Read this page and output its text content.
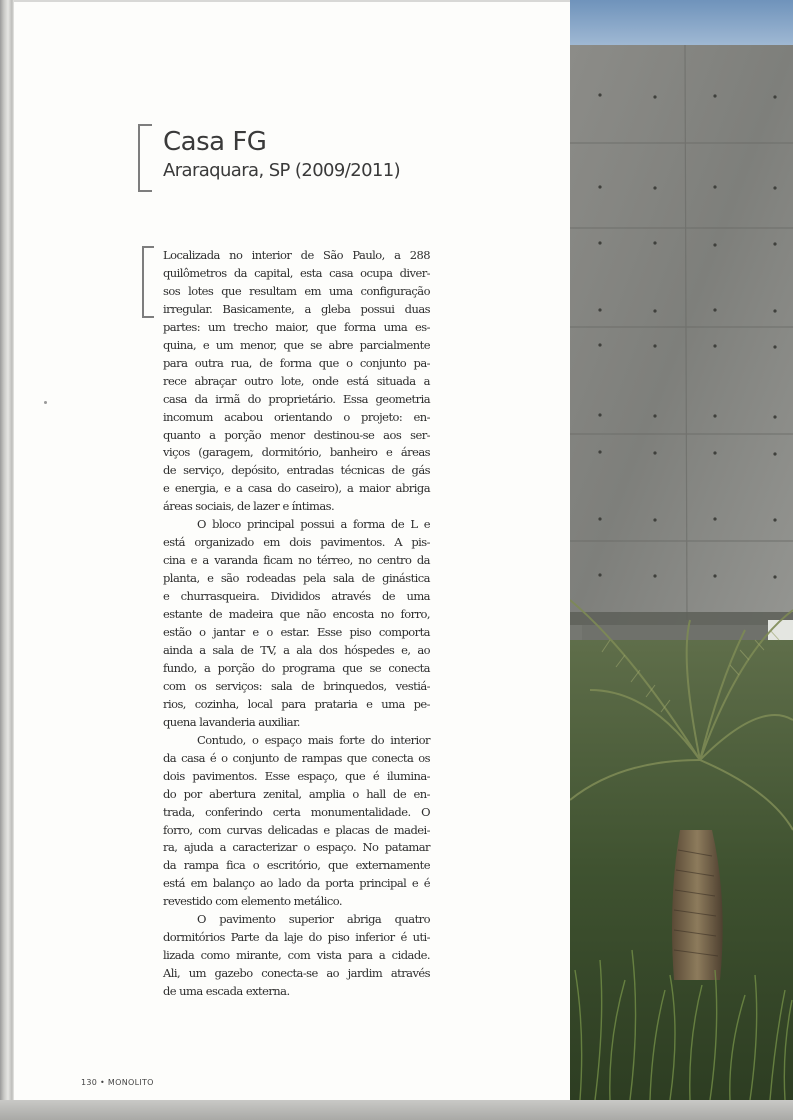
Casa FG
Araraquara, SP (2009/2011)
Localizada no interior de São Paulo, a 288
quilômetros da capital, esta casa ocupa diver-
sos lotes que resultam em uma configuração
irregular. Basicamente, a gleba possui duas
partes: um trecho maior, que forma uma es-
quina, e um menor, que se abre parcialmente
para outra rua, de forma que o conjunto pa-
rece abraçar outro lote, onde está situada a
casa da irmã do proprietário. Essa geometria
incomum acabou orientando o projeto: en-
quanto a porção menor destinou-se aos ser-
viços (garagem, dormitório, banheiro e áreas
de serviço, depósito, entradas técnicas de gás
e energia, e a casa do caseiro), a maior abriga
áreas sociais, de lazer e íntimas.
O bloco principal possui a forma de L e
está organizado em dois pavimentos. A pis-
cina e a varanda ficam no térreo, no centro da
planta, e são rodeadas pela sala de ginástica
e churrasqueira. Divididos através de uma
estante de madeira que não encosta no forro,
estão o jantar e o estar. Esse piso comporta
ainda a sala de TV, a ala dos hóspedes e, ao
fundo, a porção do programa que se conecta
com os serviços: sala de brinquedos, vestiá-
rios, cozinha, local para prataria e uma pe-
quena lavanderia auxiliar.
Contudo, o espaço mais forte do interior
da casa é o conjunto de rampas que conecta os
dois pavimentos. Esse espaço, que é ilumina-
do por abertura zenital, amplia o hall de en-
trada, conferindo certa monumentalidade. O
forro, com curvas delicadas e placas de madei-
ra, ajuda a caracterizar o espaço. No patamar
da rampa fica o escritório, que externamente
está em balanço ao lado da porta principal e é
revestido com elemento metálico.
O pavimento superior abriga quatro
dormitórios Parte da laje do piso inferior é uti-
lizada como mirante, com vista para a cidade.
Ali, um gazebo conecta-se ao jardim através
de uma escada externa.
130 • MONOLITO
